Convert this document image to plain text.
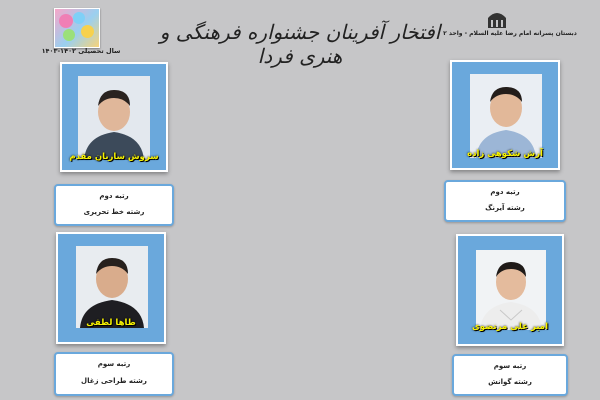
سال تحصیلی ۱۴۰۲-۱۴۰۳
افتخار آفرینان جشنواره فرهنگی و هنری فردا
دبستان پسرانه امام رضا علیه السلام - واحد ۲
سروش ساربان مقدم
رتبه دوم
رشته خط تحریری
آرش شکوهی زاده
رتبه دوم
رشته آیرنگ
طاها لطفی
رتبه سوم
رشته طراحی زغال
امیر علی مرتضوی
رتبه سوم
رشته گوانش
